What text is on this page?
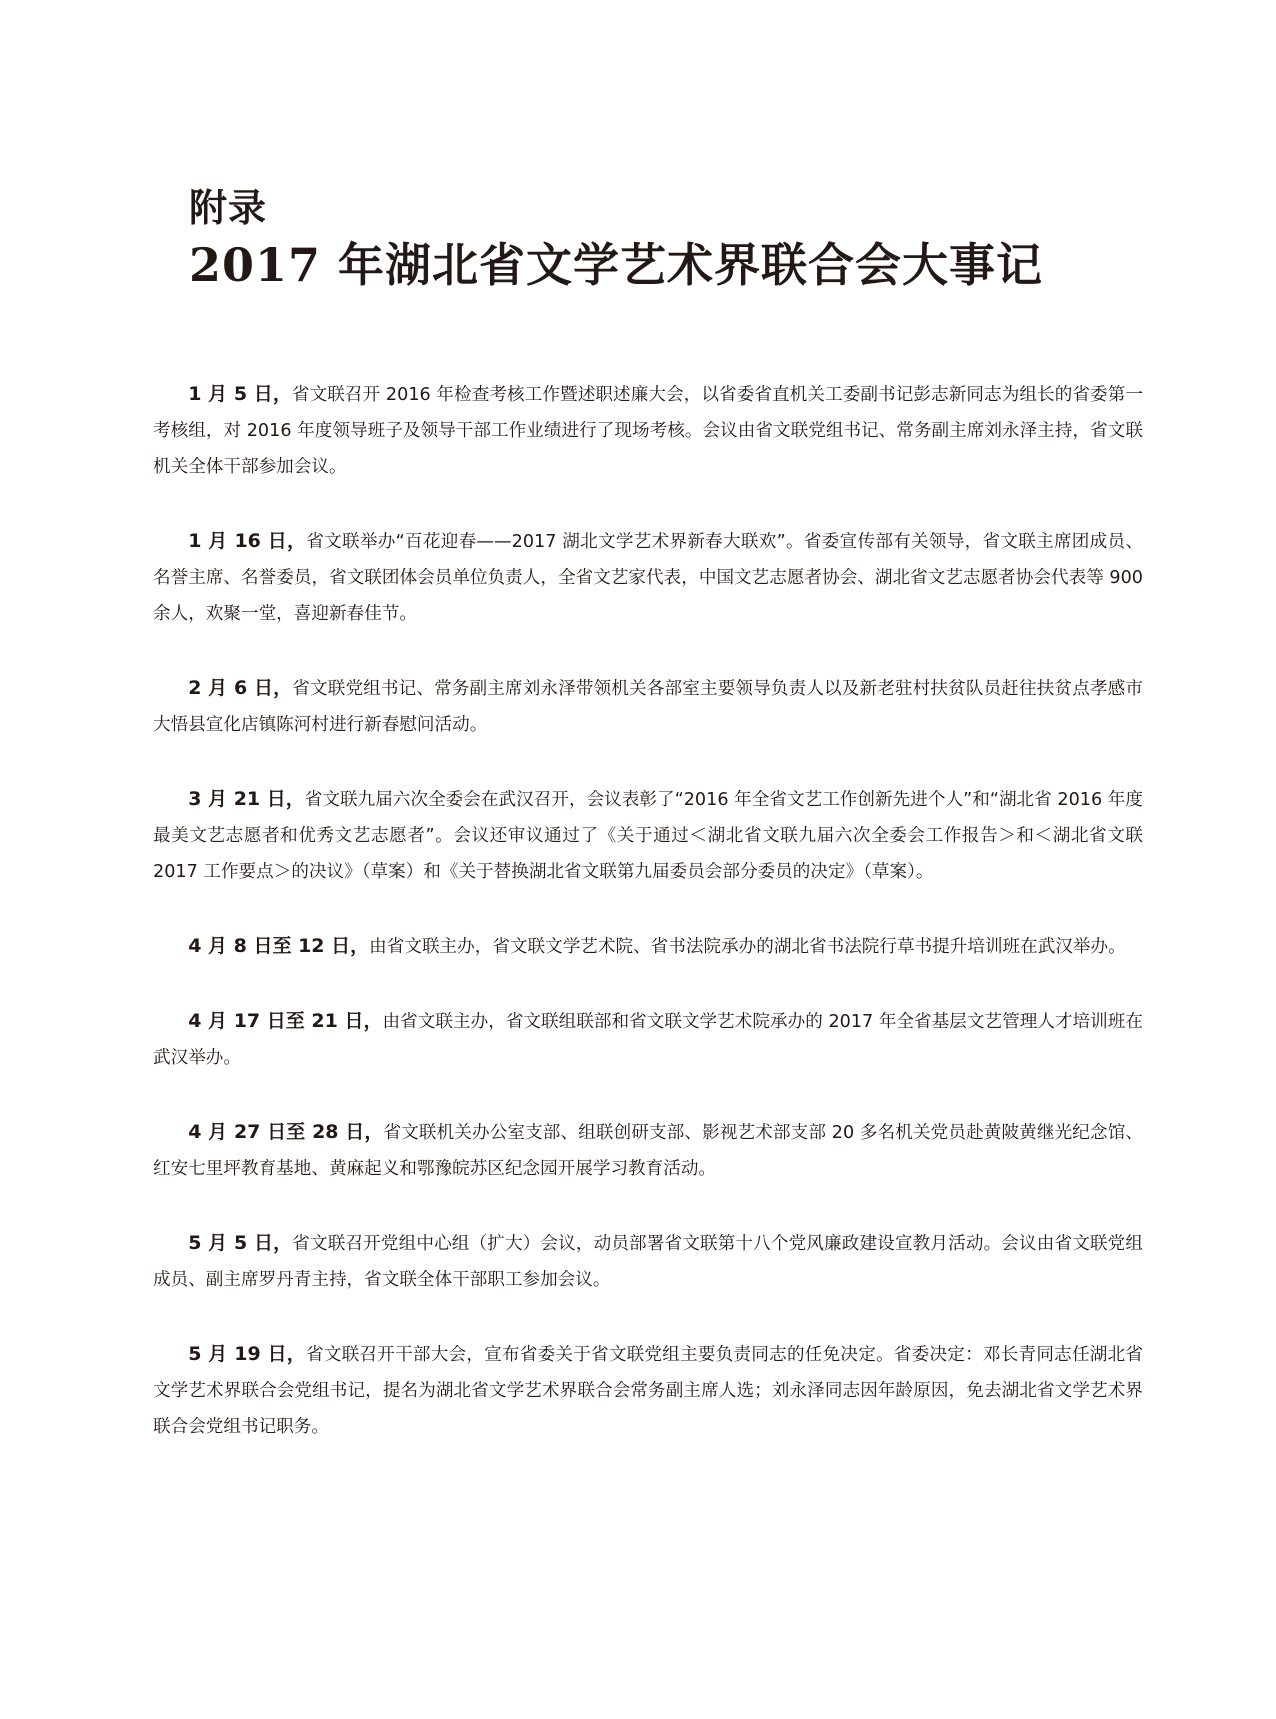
附录
2017 年湖北省文学艺术界联合会大事记

1 月 5 日，省文联召开 2016 年检查考核工作暨述职述廉大会，以省委省直机关工委副书记彭志新同志为组长的省委第一考核组，对 2016 年度领导班子及领导干部工作业绩进行了现场考核。会议由省文联党组书记、常务副主席刘永泽主持，省文联机关全体干部参加会议。

1 月 16 日，省文联举办“百花迎春——2017 湖北文学艺术界新春大联欢”。省委宣传部有关领导，省文联主席团成员、名誉主席、名誉委员，省文联团体会员单位负责人，全省文艺家代表，中国文艺志愿者协会、湖北省文艺志愿者协会代表等 900 余人，欢聚一堂，喜迎新春佳节。

2 月 6 日，省文联党组书记、常务副主席刘永泽带领机关各部室主要领导负责人以及新老驻村扶贫队员赶往扶贫点孝感市大悟县宣化店镇陈河村进行新春慰问活动。

3 月 21 日，省文联九届六次全委会在武汉召开，会议表彰了“2016 年全省文艺工作创新先进个人”和“湖北省 2016 年度最美文艺志愿者和优秀文艺志愿者”。会议还审议通过了《关于通过＜湖北省文联九届六次全委会工作报告＞和＜湖北省文联 2017 工作要点＞的决议》（草案）和《关于替换湖北省文联第九届委员会部分委员的决定》（草案）。

4 月 8 日至 12 日，由省文联主办，省文联文学艺术院、省书法院承办的湖北省书法院行草书提升培训班在武汉举办。

4 月 17 日至 21 日，由省文联主办，省文联组联部和省文联文学艺术院承办的 2017 年全省基层文艺管理人才培训班在武汉举办。

4 月 27 日至 28 日，省文联机关办公室支部、组联创研支部、影视艺术部支部 20 多名机关党员赴黄陂黄继光纪念馆、红安七里坪教育基地、黄麻起义和鄂豫皖苏区纪念园开展学习教育活动。

5 月 5 日，省文联召开党组中心组（扩大）会议，动员部署省文联第十八个党风廉政建设宣教月活动。会议由省文联党组成员、副主席罗丹青主持，省文联全体干部职工参加会议。

5 月 19 日，省文联召开干部大会，宣布省委关于省文联党组主要负责同志的任免决定。省委决定：邓长青同志任湖北省文学艺术界联合会党组书记，提名为湖北省文学艺术界联合会常务副主席人选；刘永泽同志因年龄原因，免去湖北省文学艺术界联合会党组书记职务。
